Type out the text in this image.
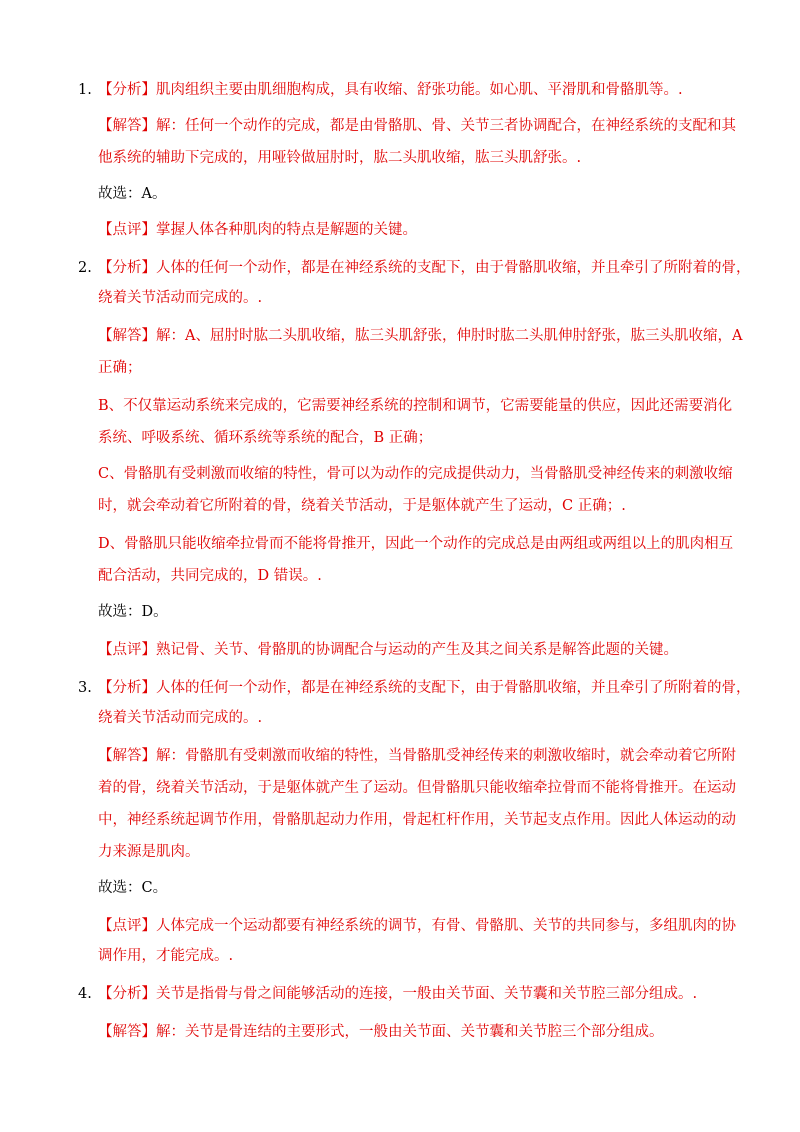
1. 【分析】肌肉组织主要由肌细胞构成，具有收缩、舒张功能。如心肌、平滑肌和骨骼肌等。.
【解答】解：任何一个动作的完成，都是由骨骼肌、骨、关节三者协调配合，在神经系统的支配和其
他系统的辅助下完成的，用哑铃做屈肘时，肱二头肌收缩，肱三头肌舒张。.
故选：A。
【点评】掌握人体各种肌肉的特点是解题的关键。
2. 【分析】人体的任何一个动作，都是在神经系统的支配下，由于骨骼肌收缩，并且牵引了所附着的骨，
绕着关节活动而完成的。.
【解答】解：A、屈肘时肱二头肌收缩，肱三头肌舒张，伸肘时肱二头肌伸肘舒张，肱三头肌收缩，A
正确；
B、不仅靠运动系统来完成的，它需要神经系统的控制和调节，它需要能量的供应，因此还需要消化
系统、呼吸系统、循环系统等系统的配合，B 正确；
C、骨骼肌有受刺激而收缩的特性，骨可以为动作的完成提供动力，当骨骼肌受神经传来的刺激收缩
时，就会牵动着它所附着的骨，绕着关节活动，于是躯体就产生了运动，C 正确；.
D、骨骼肌只能收缩牵拉骨而不能将骨推开，因此一个动作的完成总是由两组或两组以上的肌肉相互
配合活动，共同完成的，D 错误。.
故选：D。
【点评】熟记骨、关节、骨骼肌的协调配合与运动的产生及其之间关系是解答此题的关键。
3. 【分析】人体的任何一个动作，都是在神经系统的支配下，由于骨骼肌收缩，并且牵引了所附着的骨，
绕着关节活动而完成的。.
【解答】解：骨骼肌有受刺激而收缩的特性，当骨骼肌受神经传来的刺激收缩时，就会牵动着它所附
着的骨，绕着关节活动，于是躯体就产生了运动。但骨骼肌只能收缩牵拉骨而不能将骨推开。在运动
中，神经系统起调节作用，骨骼肌起动力作用，骨起杠杆作用，关节起支点作用。因此人体运动的动
力来源是肌肉。
故选：C。
【点评】人体完成一个运动都要有神经系统的调节，有骨、骨骼肌、关节的共同参与，多组肌肉的协
调作用，才能完成。.
4. 【分析】关节是指骨与骨之间能够活动的连接，一般由关节面、关节囊和关节腔三部分组成。.
【解答】解：关节是骨连结的主要形式，一般由关节面、关节囊和关节腔三个部分组成。
